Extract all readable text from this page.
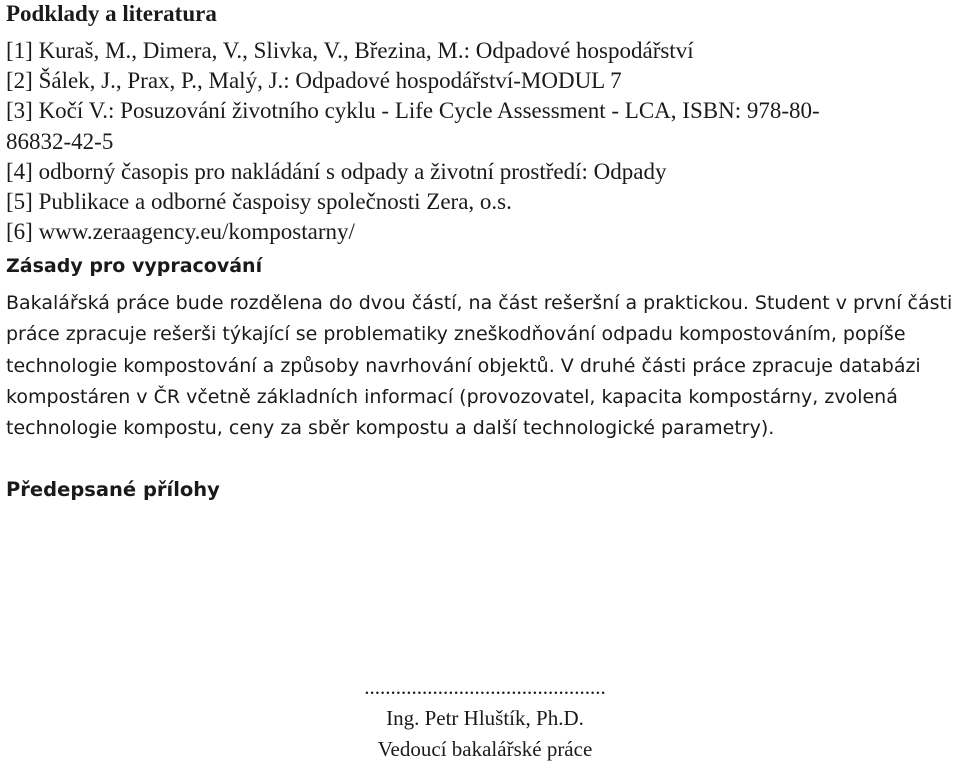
Podklady a literatura
[1] Kuraš, M., Dimera, V., Slivka, V., Březina, M.: Odpadové hospodářství
[2] Šálek, J., Prax, P., Malý, J.: Odpadové hospodářství-MODUL 7
[3] Kočí V.: Posuzování životního cyklu - Life Cycle Assessment - LCA, ISBN: 978-80-
86832-42-5
[4] odborný časopis pro nakládání s odpady a životní prostředí: Odpady
[5] Publikace a odborné časpoisy společnosti Zera, o.s.
[6] www.zeraagency.eu/kompostarny/
Zásady pro vypracování

Bakalářská práce bude rozdělena do dvou částí, na část rešeršní a praktickou. Student v první části práce zpracuje rešerši týkající se problematiky zneškodňování odpadu kompostováním, popíše technologie kompostování a způsoby navrhování objektů. V druhé části práce zpracuje databázi kompostáren v ČR včetně základních informací (provozovatel, kapacita kompostárny, zvolená technologie kompostu, ceny za sběr kompostu a další technologické parametry).

Předepsané přílohy
..............................................
Ing. Petr Hluštík, Ph.D.
Vedoucí bakalářské práce
